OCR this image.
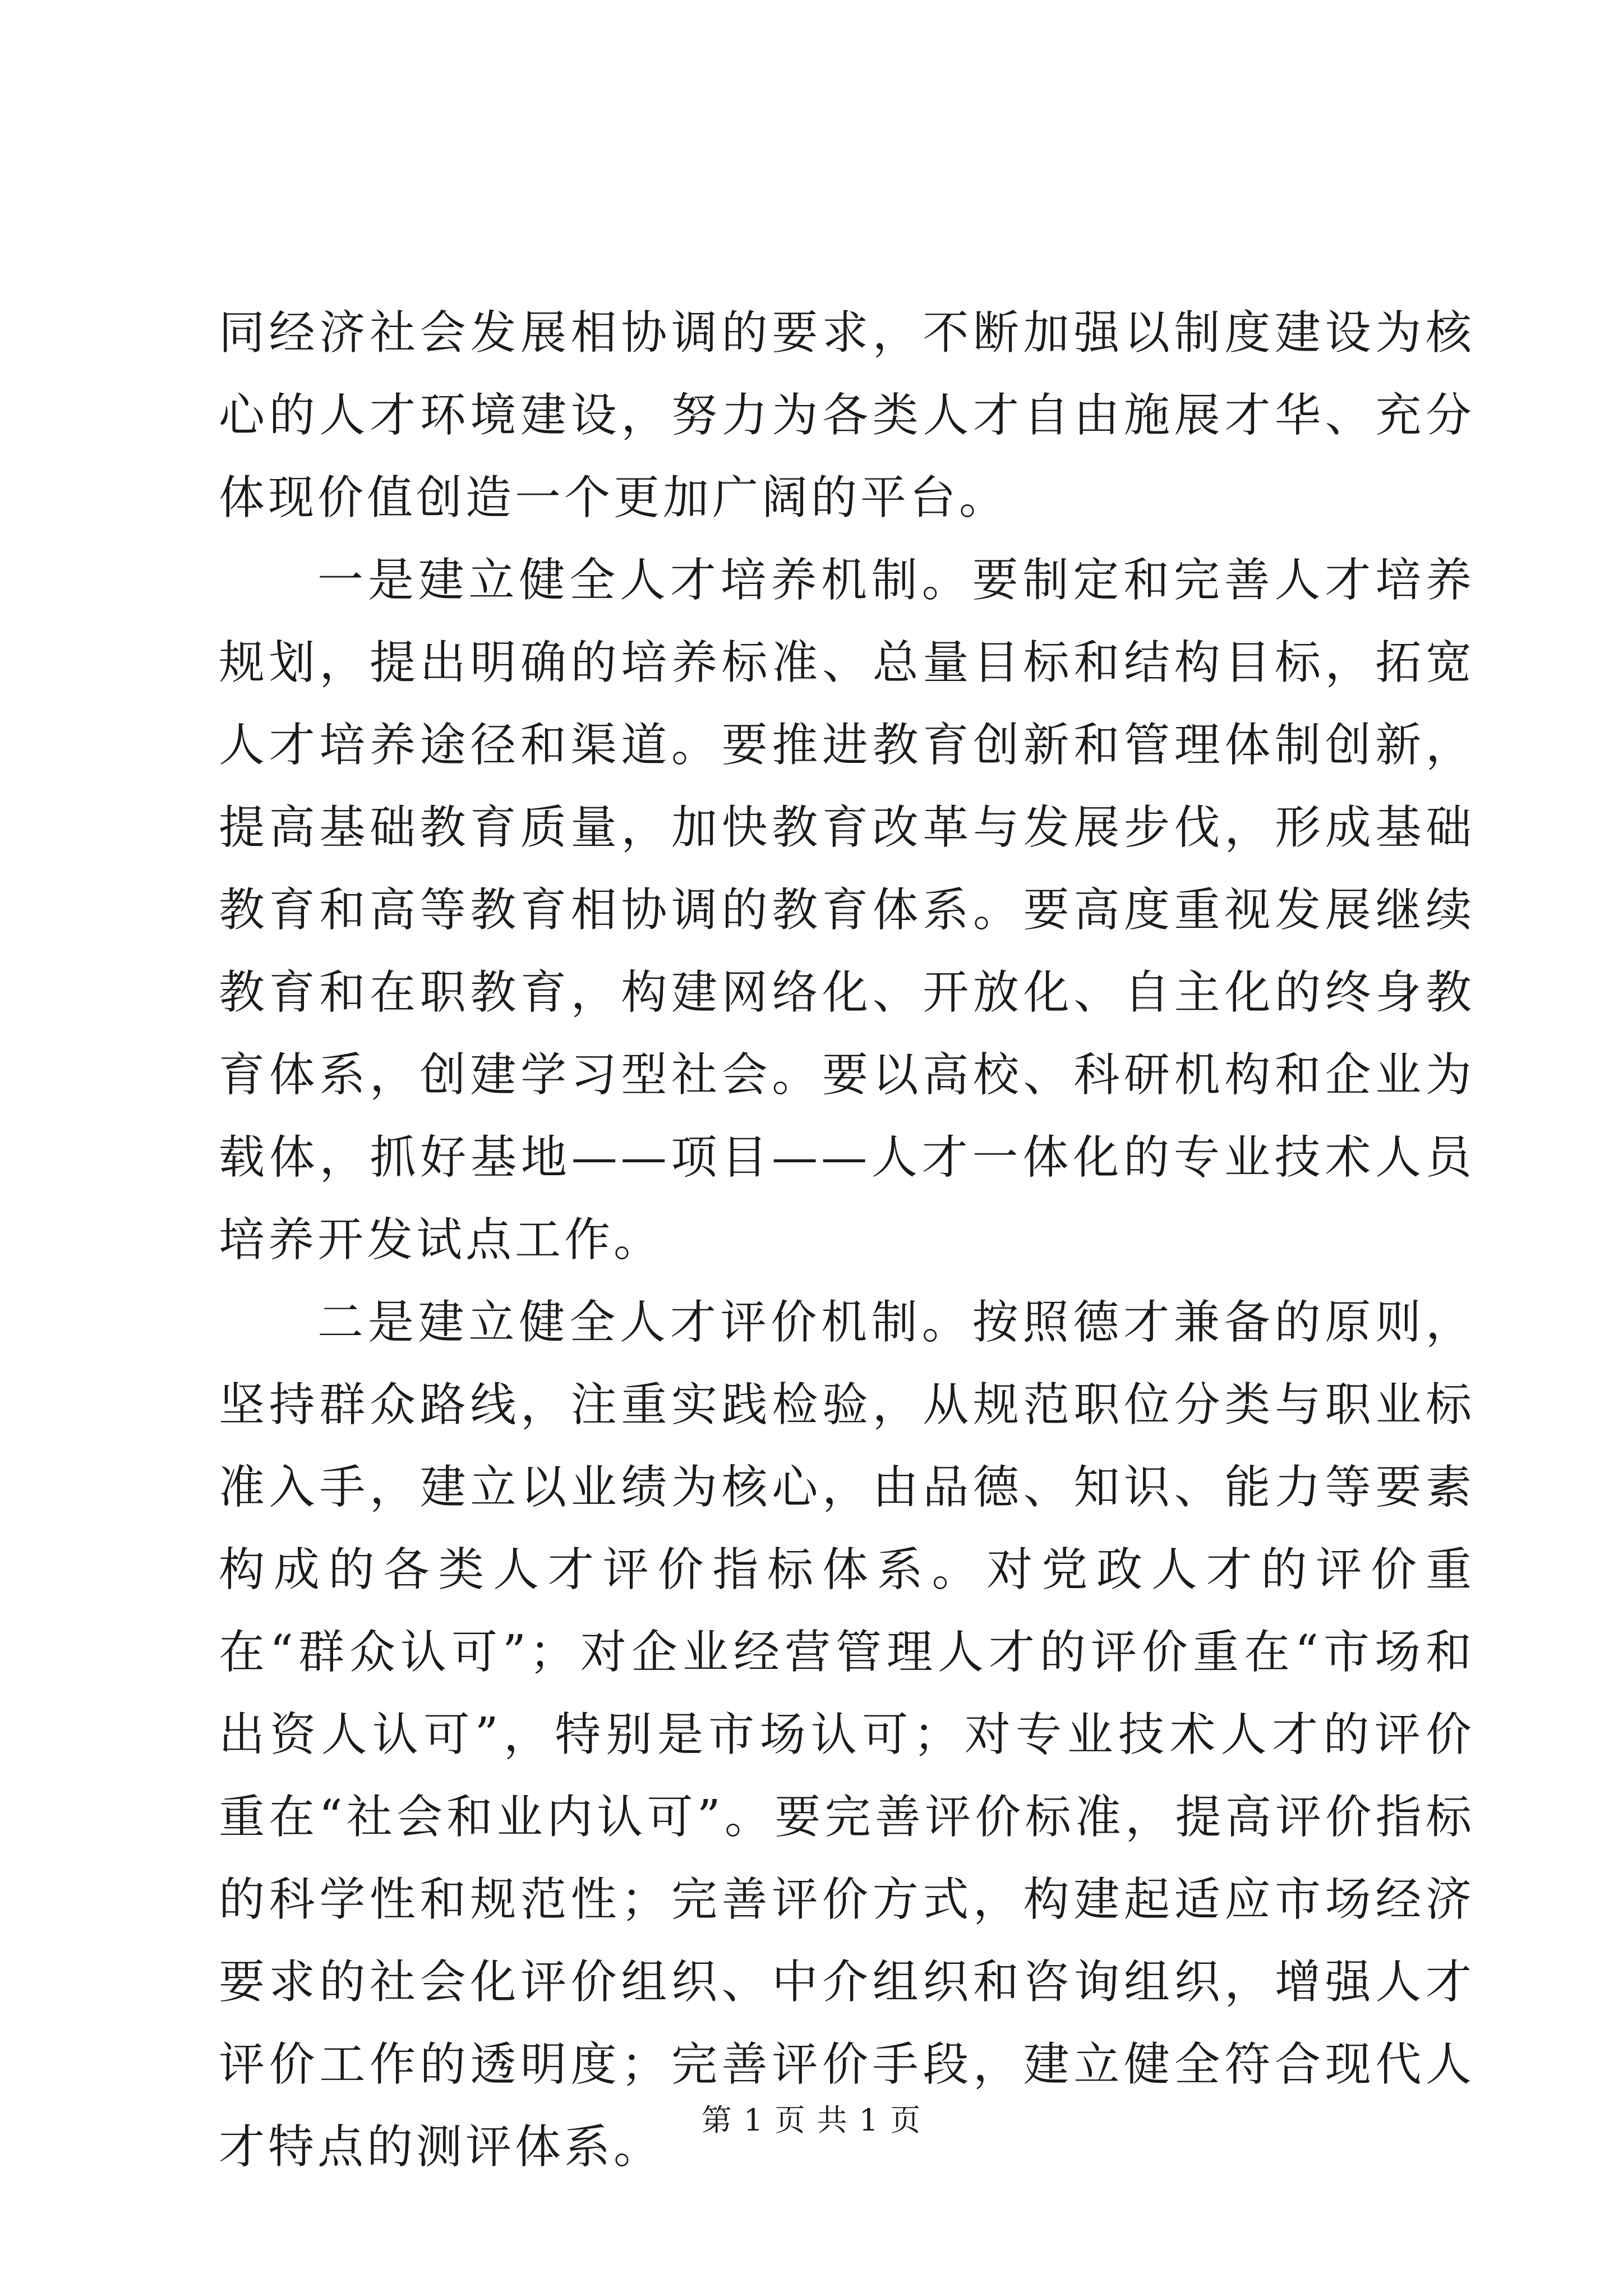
同经济社会发展相协调的要求，不断加强以制度建设为核心的人才环境建设，努力为各类人才自由施展才华、充分体现价值创造一个更加广阔的平台。

一是建立健全人才培养机制。要制定和完善人才培养规划，提出明确的培养标准、总量目标和结构目标，拓宽人才培养途径和渠道。要推进教育创新和管理体制创新，提高基础教育质量，加快教育改革与发展步伐，形成基础教育和高等教育相协调的教育体系。要高度重视发展继续教育和在职教育，构建网络化、开放化、自主化的终身教育体系，创建学习型社会。要以高校、科研机构和企业为载体，抓好基地——项目——人才一体化的专业技术人员培养开发试点工作。

二是建立健全人才评价机制。按照德才兼备的原则，坚持群众路线，注重实践检验，从规范职位分类与职业标准入手，建立以业绩为核心，由品德、知识、能力等要素构成的各类人才评价指标体系。对党政人才的评价重在“群众认可”；对企业经营管理人才的评价重在“市场和出资人认可”，特别是市场认可；对专业技术人才的评价重在“社会和业内认可”。要完善评价标准，提高评价指标的科学性和规范性；完善评价方式，构建起适应市场经济要求的社会化评价组织、中介组织和咨询组织，增强人才评价工作的透明度；完善评价手段，建立健全符合现代人才特点的测评体系。

第 1 页 共 1 页
